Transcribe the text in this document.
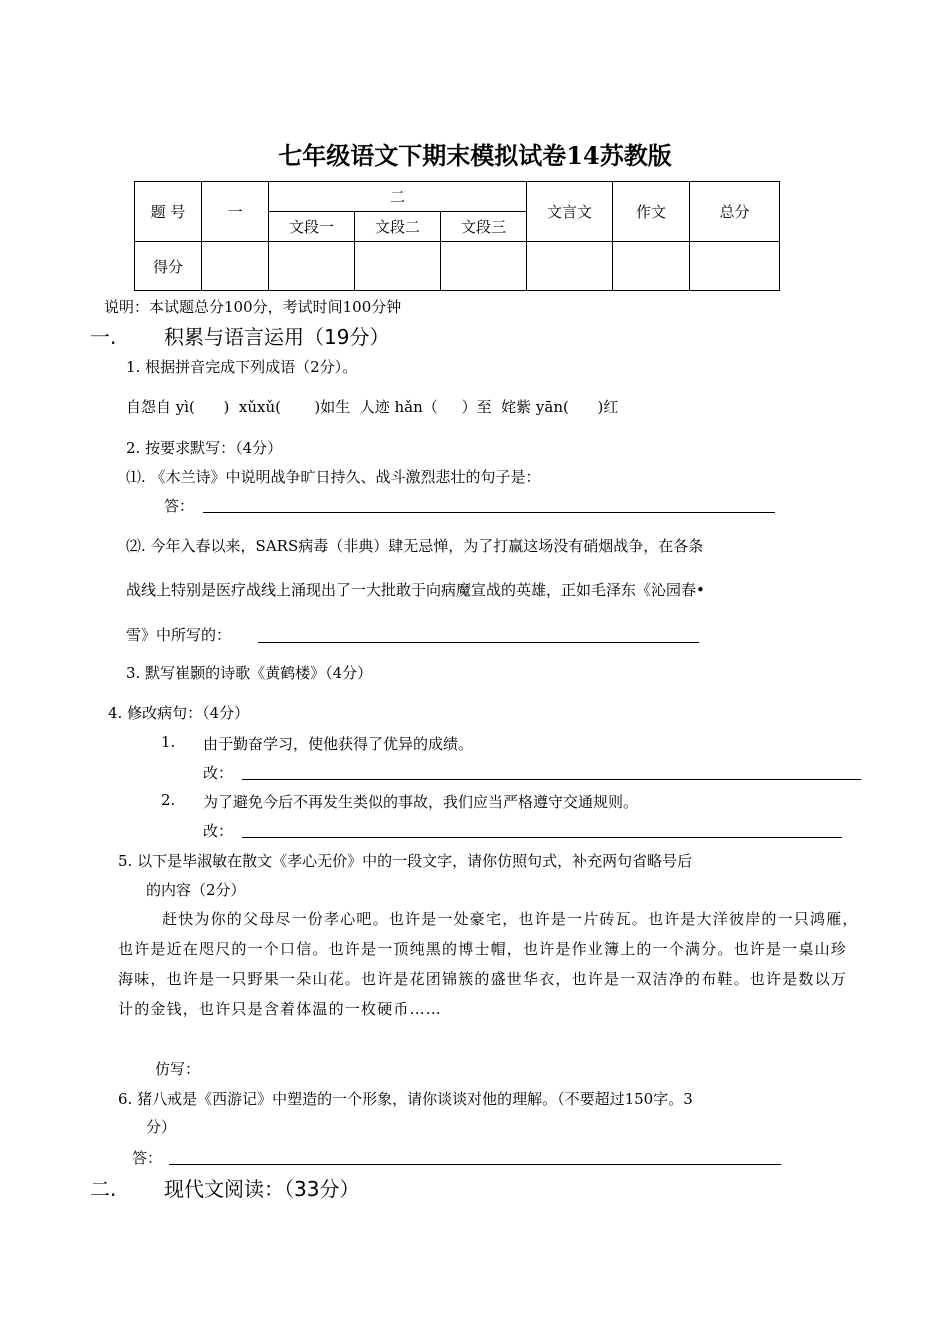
七年级语文下期末模拟试卷14苏教版
题 号	一	二			文言文	作文	总分
		文段一	文段二	文段三			
得分							
说明：本试题总分100分，考试时间100分钟
一. 积累与语言运用（19分）
1. 根据拼音完成下列成语（2分）。
自怨自 yì(      )  xǔxǔ(       )如生  人迹 hǎn（     ）至  姹紫 yān(      )红
2. 按要求默写：（4分）
⑴. 《木兰诗》中说明战争旷日持久、战斗激烈悲壮的句子是：
答：
⑵. 今年入春以来，SARS病毒（非典）肆无忌惮，为了打赢这场没有硝烟战争，在各条
战线上特别是医疗战线上涌现出了一大批敢于向病魔宣战的英雄，正如毛泽东《沁园春•
雪》中所写的：
3. 默写崔颢的诗歌《黄鹤楼》（4分）
4. 修改病句：（4分）
1. 由于勤奋学习，使他获得了优异的成绩。
改：
2. 为了避免今后不再发生类似的事故，我们应当严格遵守交通规则。
改：
5. 以下是毕淑敏在散文《孝心无价》中的一段文字，请你仿照句式，补充两句省略号后
的内容（2分）
赶快为你的父母尽一份孝心吧。也许是一处豪宅，也许是一片砖瓦。也许是大洋彼岸的一只鸿雁，也许是近在咫尺的一个口信。也许是一顶纯黑的博士帽，也许是作业簿上的一个满分。也许是一桌山珍海味，也许是一只野果一朵山花。也许是花团锦簇的盛世华衣，也许是一双洁净的布鞋。也许是数以万计的金钱，也许只是含着体温的一枚硬币……
仿写：
6. 猪八戒是《西游记》中塑造的一个形象，请你谈谈对他的理解。（不要超过150字。3
分）
答：
二. 现代文阅读：（33分）
